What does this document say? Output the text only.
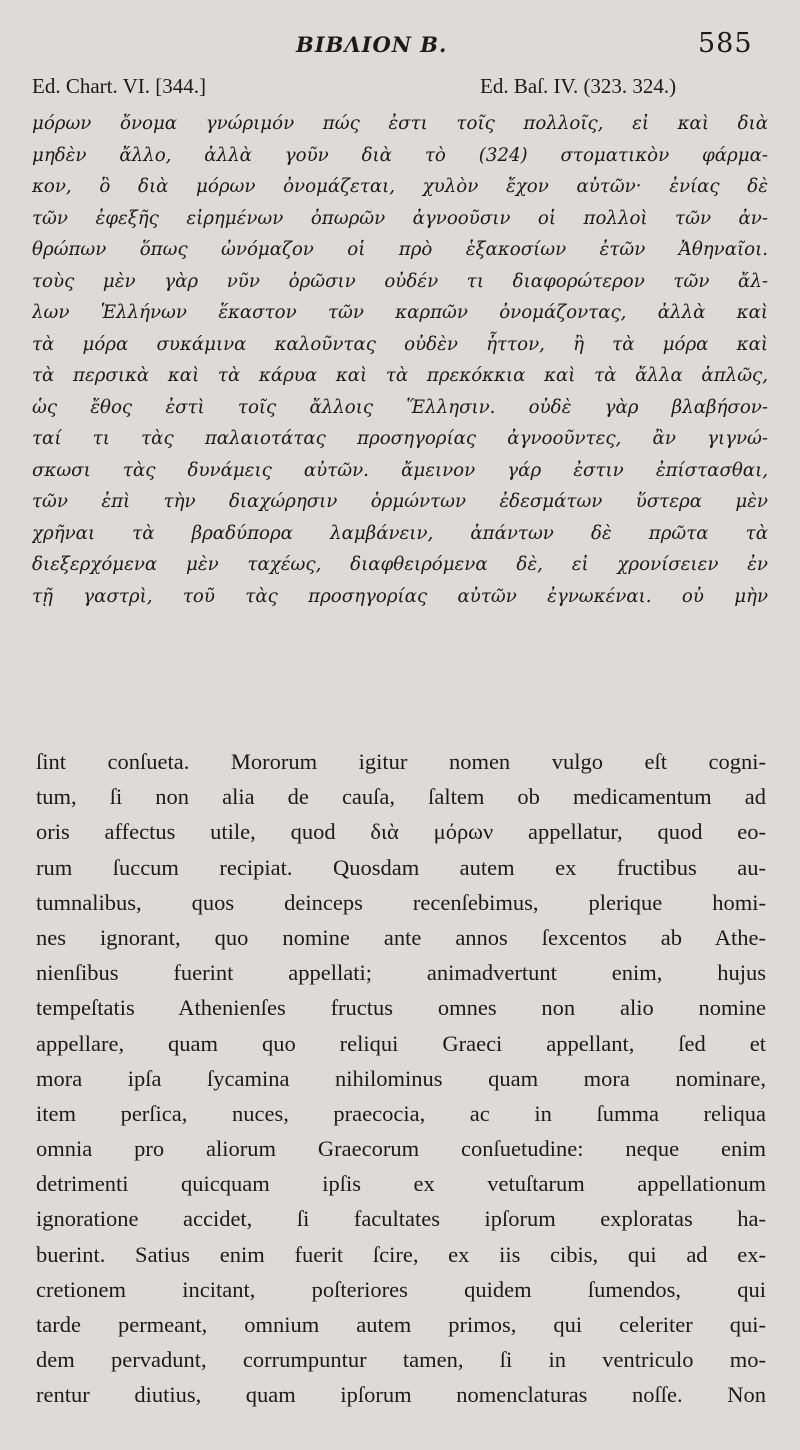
ΒΙΒΛΙΟΝ Β.	585
Ed. Chart. VI. [344.]	Ed. Baſ. IV. (323. 324.)
μόρων ὄνομα γνώριμόν πώς ἐστι τοῖς πολλοῖς, εἰ καὶ διὰ
μηδὲν ἄλλο, ἀλλὰ γοῦν διὰ τὸ (324) στοματικὸν φάρμα-
κον, ὃ διὰ μόρων ὀνομάζεται, χυλὸν ἔχον αὐτῶν· ἐνίας δὲ
τῶν ἐφεξῆς εἰρημένων ὀπωρῶν ἀγνοοῦσιν οἱ πολλοὶ τῶν ἀν-
θρώπων ὅπως ὠνόμαζον οἱ πρὸ ἑξακοσίων ἐτῶν Ἀθηναῖοι.
τοὺς μὲν γὰρ νῦν ὁρῶσιν οὐδέν τι διαφορώτερον τῶν ἄλ-
λων Ἑλλήνων ἕκαστον τῶν καρπῶν ὀνομάζοντας, ἀλλὰ καὶ
τὰ μόρα συκάμινα καλοῦντας οὐδὲν ἧττον, ἢ τὰ μόρα καὶ
τὰ περσικὰ καὶ τὰ κάρυα καὶ τὰ πρεκόκκια καὶ τὰ ἄλλα ἁπλῶς,
ὡς ἔθος ἐστὶ τοῖς ἄλλοις Ἕλλησιν. οὐδὲ γὰρ βλαβήσον-
ταί τι τὰς παλαιοτάτας προσηγορίας ἀγνοοῦντες, ἂν γιγνώ-
σκωσι τὰς δυνάμεις αὐτῶν. ἄμεινον γάρ ἐστιν ἐπίστασθαι,
τῶν ἐπὶ τὴν διαχώρησιν ὁρμώντων ἐδεσμάτων ὕστερα μὲν
χρῆναι τὰ βραδύπορα λαμβάνειν, ἁπάντων δὲ πρῶτα τὰ
διεξερχόμενα μὲν ταχέως, διαφθειρόμενα δὲ, εἰ χρονίσειεν ἐν
τῇ γαστρὶ, τοῦ τὰς προσηγορίας αὐτῶν ἐγνωκέναι. οὐ μὴν
ſint conſueta. Mororum igitur nomen vulgo eſt cogni-
tum, ſi non alia de cauſa, ſaltem ob medicamentum ad
oris affectus utile, quod διὰ μόρων appellatur, quod eo-
rum ſuccum recipiat. Quosdam autem ex fructibus au-
tumnalibus, quos deinceps recenſebimus, plerique homi-
nes ignorant, quo nomine ante annos ſexcentos ab Athe-
nienſibus fuerint appellati; animadvertunt enim, hujus
tempeſtatis Athenienſes fructus omnes non alio nomine
appellare, quam quo reliqui Graeci appellant, ſed et
mora ipſa ſycamina nihilominus quam mora nominare,
item perſica, nuces, praecocia, ac in ſumma reliqua
omnia pro aliorum Graecorum conſuetudine: neque enim
detrimenti quicquam ipſis ex vetuſtarum appellationum
ignoratione accidet, ſi facultates ipſorum exploratas ha-
buerint. Satius enim fuerit ſcire, ex iis cibis, qui ad ex-
cretionem incitant, poſteriores quidem ſumendos, qui
tarde permeant, omnium autem primos, qui celeriter qui-
dem pervadunt, corrumpuntur tamen, ſi in ventriculo mo-
rentur diutius, quam ipſorum nomenclaturas noſſe. Non
